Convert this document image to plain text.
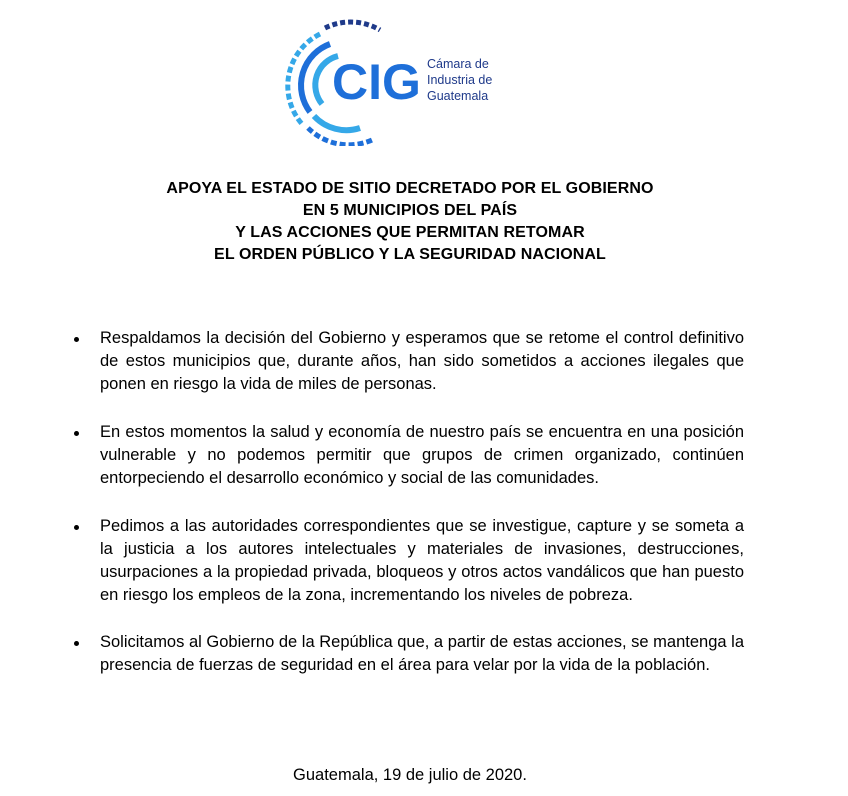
CIG Cámara de
Industria de
Guatemala
APOYA EL ESTADO DE SITIO DECRETADO POR EL GOBIERNO
EN 5 MUNICIPIOS DEL PAÍS
Y LAS ACCIONES QUE PERMITAN RETOMAR
EL ORDEN PÚBLICO Y LA SEGURIDAD NACIONAL
Respaldamos la decisión del Gobierno y esperamos que se retome el control definitivo de estos municipios que, durante años, han sido sometidos a acciones ilegales que ponen en riesgo la vida de miles de personas.
En estos momentos la salud y economía de nuestro país se encuentra en una posición vulnerable y no podemos permitir que grupos de crimen organizado, continúen entorpeciendo el desarrollo económico y social de las comunidades.
Pedimos a las autoridades correspondientes que se investigue, capture y se someta a la justicia a los autores intelectuales y materiales de invasiones, destrucciones, usurpaciones a la propiedad privada, bloqueos y otros actos vandálicos que han puesto en riesgo los empleos de la zona, incrementando los niveles de pobreza.
Solicitamos al Gobierno de la República que, a partir de estas acciones, se mantenga la presencia de fuerzas de seguridad en el área para velar por la vida de la población.
Guatemala, 19 de julio de 2020.
